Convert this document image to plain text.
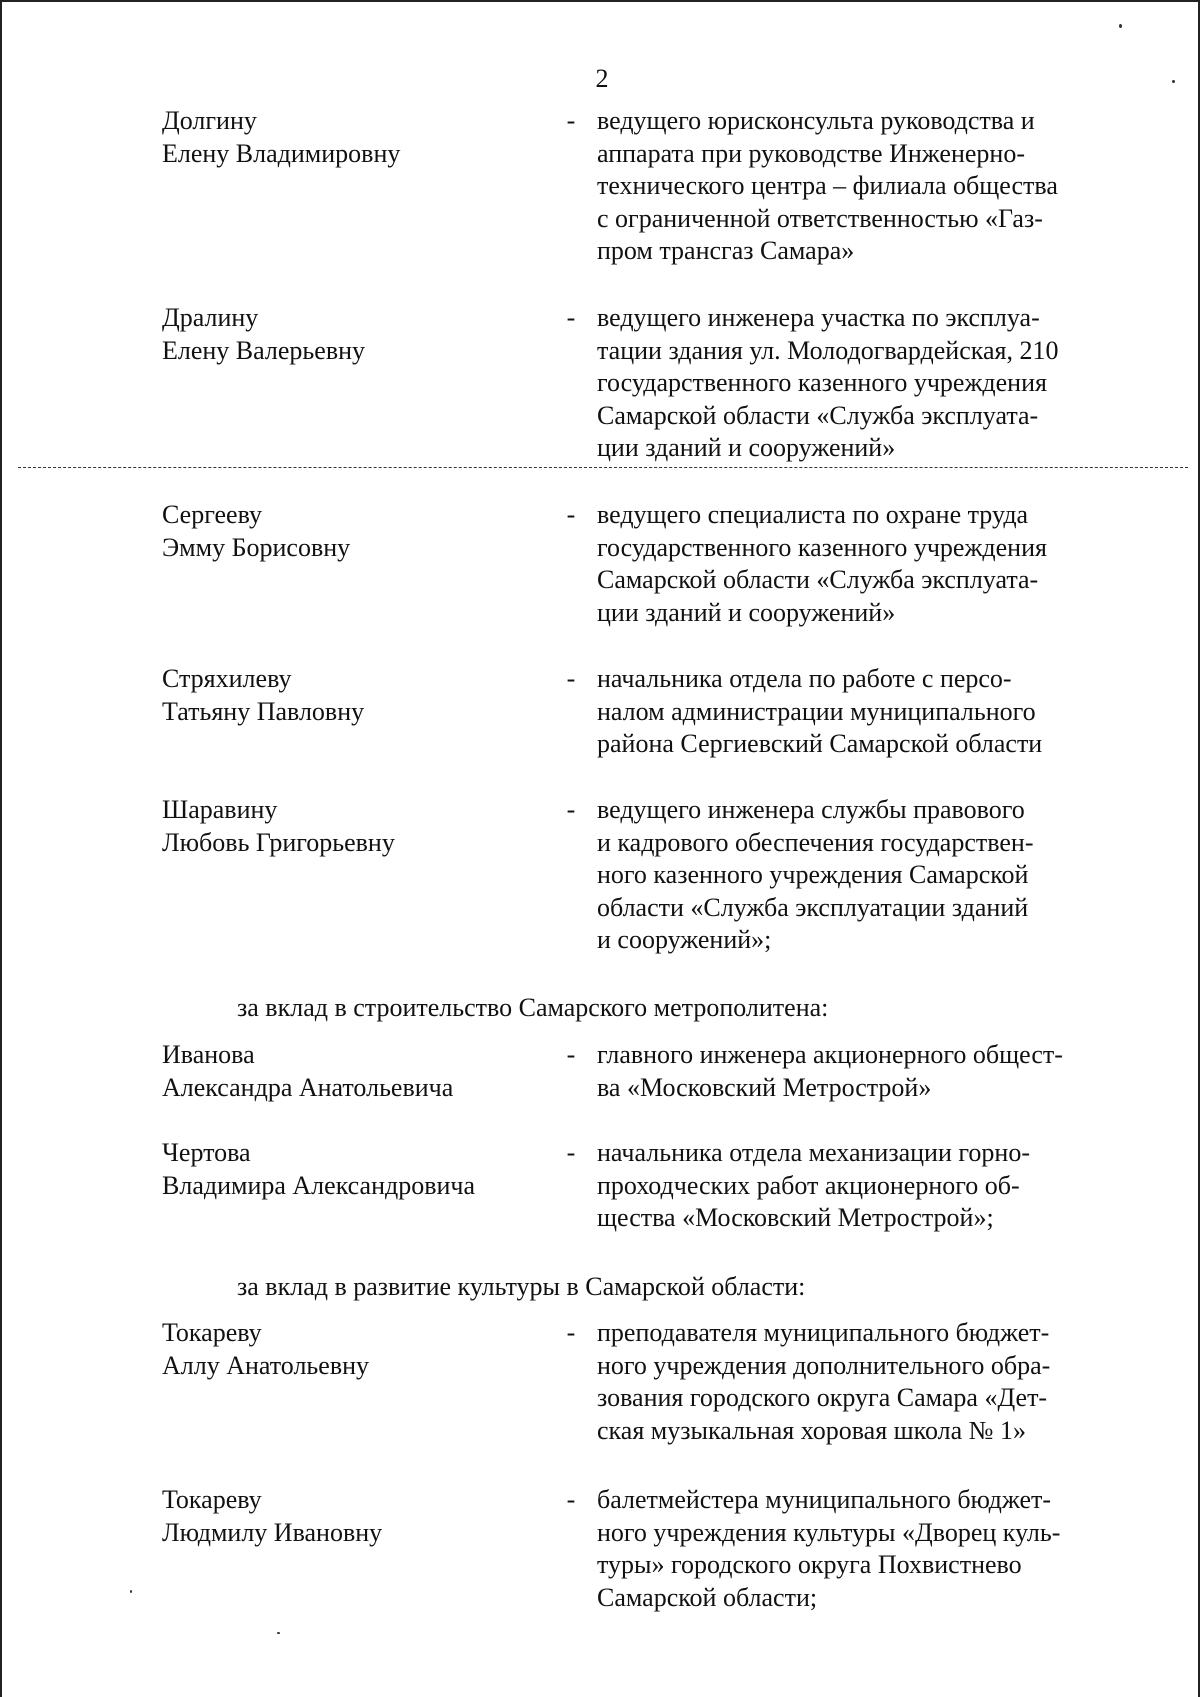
2
Долгину
Елену Владимировну
- ведущего юрисконсульта руководства и
аппарата при руководстве Инженерно-
технического центра – филиала общества
с ограниченной ответственностью «Газ-
пром трансгаз Самара»
Дралину
Елену Валерьевну
- ведущего инженера участка по эксплуа-
тации здания ул. Молодогвардейская, 210
государственного казенного учреждения
Самарской области «Служба эксплуата-
ции зданий и сооружений»
Сергееву
Эмму Борисовну
- ведущего специалиста по охране труда
государственного казенного учреждения
Самарской области «Служба эксплуата-
ции зданий и сооружений»
Стряхилеву
Татьяну Павловну
- начальника отдела по работе с персо-
налом администрации муниципального
района Сергиевский Самарской области
Шаравину
Любовь Григорьевну
- ведущего инженера службы правового
и кадрового обеспечения государствен-
ного казенного учреждения Самарской
области «Служба эксплуатации зданий
и сооружений»;
за вклад в строительство Самарского метрополитена:
Иванова
Александра Анатольевича
- главного инженера акционерного общест-
ва «Московский Метрострой»
Чертова
Владимира Александровича
- начальника отдела механизации горно-
проходческих работ акционерного об-
щества «Московский Метрострой»;
за вклад в развитие культуры в Самарской области:
Токареву
Аллу Анатольевну
- преподавателя муниципального бюджет-
ного учреждения дополнительного обра-
зования городского округа Самара «Дет-
ская музыкальная хоровая школа № 1»
Токареву
Людмилу Ивановну
- балетмейстера муниципального бюджет-
ного учреждения культуры «Дворец куль-
туры» городского округа Похвистнево
Самарской области;
